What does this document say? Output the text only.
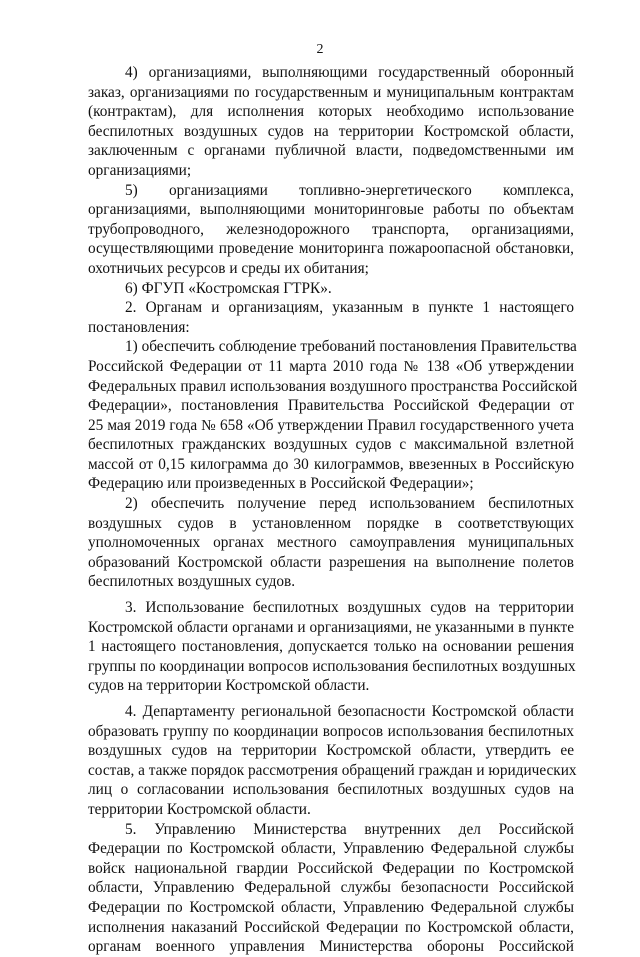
2
4) организациями, выполняющими государственный оборонный
заказ, организациями по государственным и муниципальным контрактам
(контрактам), для исполнения которых необходимо использование
беспилотных воздушных судов на территории Костромской области,
заключенным с органами публичной власти, подведомственными им
организациями;
5) организациями топливно-энергетического комплекса,
организациями, выполняющими мониторинговые работы по объектам
трубопроводного, железнодорожного транспорта, организациями,
осуществляющими проведение мониторинга пожароопасной обстановки,
охотничьих ресурсов и среды их обитания;
6) ФГУП «Костромская ГТРК».
2. Органам и организациям, указанным в пункте 1 настоящего
постановления:
1) обеспечить соблюдение требований постановления Правительства
Российской Федерации от 11 марта 2010 года № 138 «Об утверждении
Федеральных правил использования воздушного пространства Российской
Федерации», постановления Правительства Российской Федерации от
25 мая 2019 года № 658 «Об утверждении Правил государственного учета
беспилотных гражданских воздушных судов с максимальной взлетной
массой от 0,15 килограмма до 30 килограммов, ввезенных в Российскую
Федерацию или произведенных в Российской Федерации»;
2) обеспечить получение перед использованием беспилотных
воздушных судов в установленном порядке в соответствующих
уполномоченных органах местного самоуправления муниципальных
образований Костромской области разрешения на выполнение полетов
беспилотных воздушных судов.
3. Использование беспилотных воздушных судов на территории
Костромской области органами и организациями, не указанными в пункте
1 настоящего постановления, допускается только на основании решения
группы по координации вопросов использования беспилотных воздушных
судов на территории Костромской области.
4. Департаменту региональной безопасности Костромской области
образовать группу по координации вопросов использования беспилотных
воздушных судов на территории Костромской области, утвердить ее
состав, а также порядок рассмотрения обращений граждан и юридических
лиц о согласовании использования беспилотных воздушных судов на
территории Костромской области.
5. Управлению Министерства внутренних дел Российской
Федерации по Костромской области, Управлению Федеральной службы
войск национальной гвардии Российской Федерации по Костромской
области, Управлению Федеральной службы безопасности Российской
Федерации по Костромской области, Управлению Федеральной службы
исполнения наказаний Российской Федерации по Костромской области,
органам военного управления Министерства обороны Российской
